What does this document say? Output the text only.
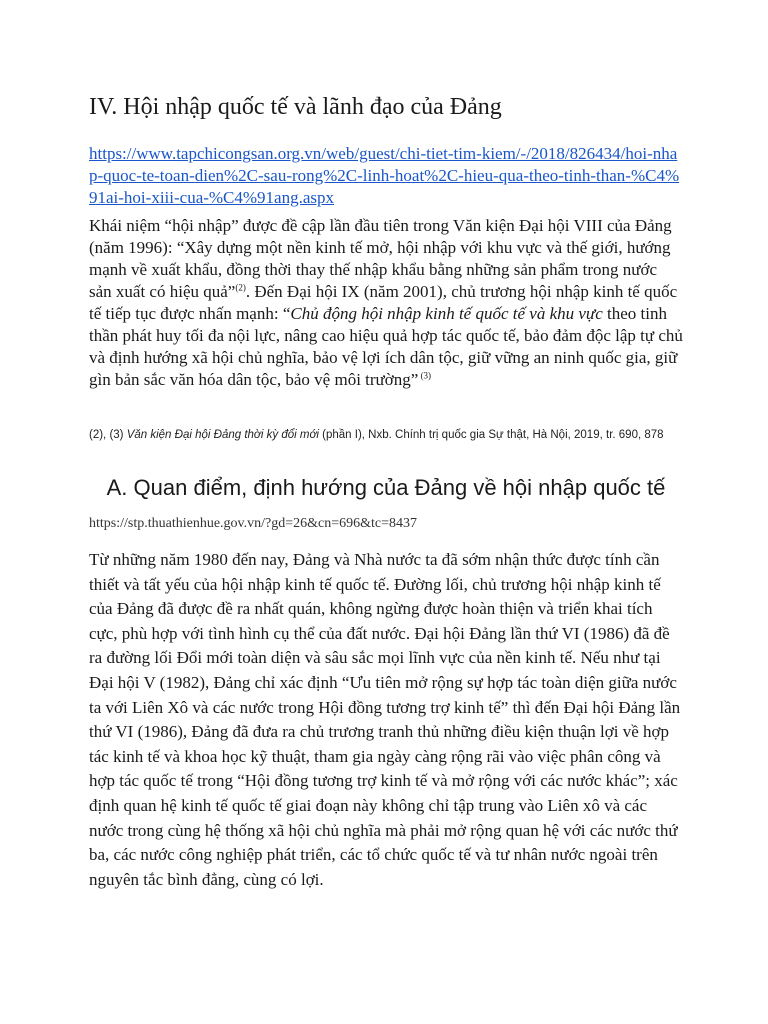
IV. Hội nhập quốc tế và lãnh đạo của Đảng
https://www.tapchicongsan.org.vn/web/guest/chi-tiet-tim-kiem/-/2018/826434/hoi-nhap-quoc-te-toan-dien%2C-sau-rong%2C-linh-hoat%2C-hieu-qua-theo-tinh-than-%C4%91ai-hoi-xiii-cua-%C4%91ang.aspx

Khái niệm “hội nhập” được đề cập lần đầu tiên trong Văn kiện Đại hội VIII của Đảng (năm 1996): “Xây dựng một nền kinh tế mở, hội nhập với khu vực và thế giới, hướng mạnh về xuất khẩu, đồng thời thay thế nhập khẩu bằng những sản phẩm trong nước sản xuất có hiệu quả”$^{(2)}$. Đến Đại hội IX (năm 2001), chủ trương hội nhập kinh tế quốc tế tiếp tục được nhấn mạnh: “Chủ động hội nhập kinh tế quốc tế và khu vực theo tinh thần phát huy tối đa nội lực, nâng cao hiệu quả hợp tác quốc tế, bảo đảm độc lập tự chủ và định hướng xã hội chủ nghĩa, bảo vệ lợi ích dân tộc, giữ vững an ninh quốc gia, giữ gìn bản sắc văn hóa dân tộc, bảo vệ môi trường” $^{(3)}$

(2), (3) Văn kiện Đại hội Đảng thời kỳ đổi mới (phần I), Nxb. Chính trị quốc gia Sự thật, Hà Nội, 2019, tr. 690, 878
A. Quan điểm, định hướng của Đảng về hội nhập quốc tế
https://stp.thuathienhue.gov.vn/?gd=26&cn=696&tc=8437

Từ những năm 1980 đến nay, Đảng và Nhà nước ta đã sớm nhận thức được tính cần thiết và tất yếu của hội nhập kinh tế quốc tế. Đường lối, chủ trương hội nhập kinh tế của Đảng đã được đề ra nhất quán, không ngừng được hoàn thiện và triển khai tích cực, phù hợp với tình hình cụ thể của đất nước. Đại hội Đảng lần thứ VI (1986) đã đề ra đường lối Đổi mới toàn diện và sâu sắc mọi lĩnh vực của nền kinh tế. Nếu như tại Đại hội V (1982), Đảng chỉ xác định “Ưu tiên mở rộng sự hợp tác toàn diện giữa nước ta với Liên Xô và các nước trong Hội đồng tương trợ kinh tế” thì đến Đại hội Đảng lần thứ VI (1986), Đảng đã đưa ra chủ trương tranh thủ những điều kiện thuận lợi về hợp tác kinh tế và khoa học kỹ thuật, tham gia ngày càng rộng rãi vào việc phân công và hợp tác quốc tế trong “Hội đồng tương trợ kinh tế và mở rộng với các nước khác”; xác định quan hệ kinh tế quốc tế giai đoạn này không chỉ tập trung vào Liên xô và các nước trong cùng hệ thống xã hội chủ nghĩa mà phải mở rộng quan hệ với các nước thứ ba, các nước công nghiệp phát triển, các tổ chức quốc tế và tư nhân nước ngoài trên nguyên tắc bình đẳng, cùng có lợi.
